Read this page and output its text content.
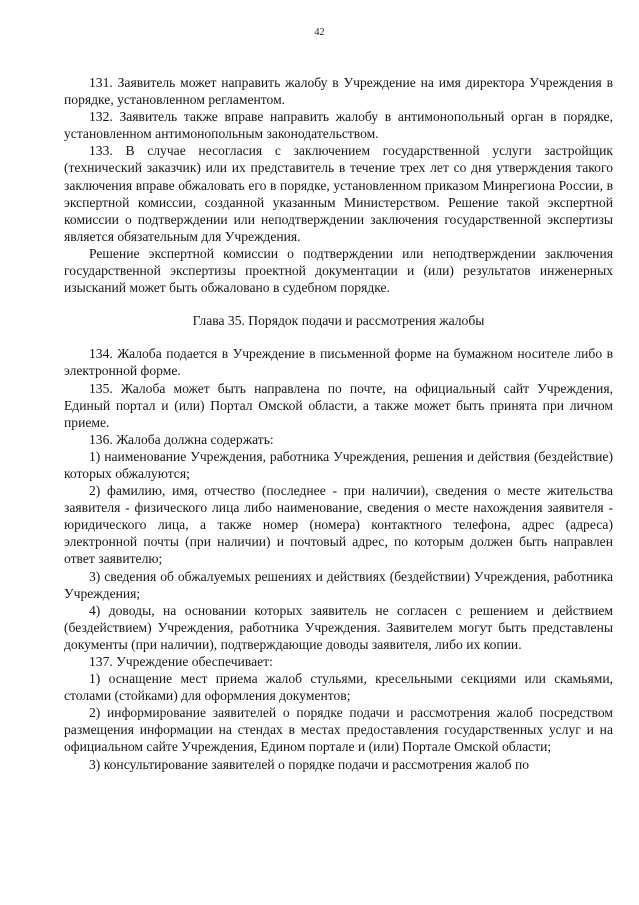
42

131. Заявитель может направить жалобу в Учреждение на имя директора Учреждения в порядке, установленном регламентом.

132. Заявитель также вправе направить жалобу в антимонопольный орган в порядке, установленном антимонопольным законодательством.

133. В случае несогласия с заключением государственной услуги застройщик (технический заказчик) или их представитель в течение трех лет со дня утверждения такого заключения вправе обжаловать его в порядке, установленном приказом Минрегиона России, в экспертной комиссии, созданной указанным Министерством. Решение такой экспертной комиссии о подтверждении или неподтверждении заключения государственной экспертизы является обязательным для Учреждения.

Решение экспертной комиссии о подтверждении или неподтверждении заключения государственной экспертизы проектной документации и (или) результатов инженерных изысканий может быть обжаловано в судебном порядке.

Глава 35. Порядок подачи и рассмотрения жалобы

134. Жалоба подается в Учреждение в письменной форме на бумажном носителе либо в электронной форме.

135. Жалоба может быть направлена по почте, на официальный сайт Учреждения, Единый портал и (или) Портал Омской области, а также может быть принята при личном приеме.

136. Жалоба должна содержать:

1) наименование Учреждения, работника Учреждения, решения и действия (бездействие) которых обжалуются;

2) фамилию, имя, отчество (последнее - при наличии), сведения о месте жительства заявителя - физического лица либо наименование, сведения о месте нахождения заявителя - юридического лица, а также номер (номера) контактного телефона, адрес (адреса) электронной почты (при наличии) и почтовый адрес, по которым должен быть направлен ответ заявителю;

3) сведения об обжалуемых решениях и действиях (бездействии) Учреждения, работника Учреждения;

4) доводы, на основании которых заявитель не согласен с решением и действием (бездействием) Учреждения, работника Учреждения. Заявителем могут быть представлены документы (при наличии), подтверждающие доводы заявителя, либо их копии.

137. Учреждение обеспечивает:

1) оснащение мест приема жалоб стульями, кресельными секциями или скамьями, столами (стойками) для оформления документов;

2) информирование заявителей о порядке подачи и рассмотрения жалоб посредством размещения информации на стендах в местах предоставления государственных услуг и на официальном сайте Учреждения, Едином портале и (или) Портале Омской области;

3) консультирование заявителей о порядке подачи и рассмотрения жалоб по
